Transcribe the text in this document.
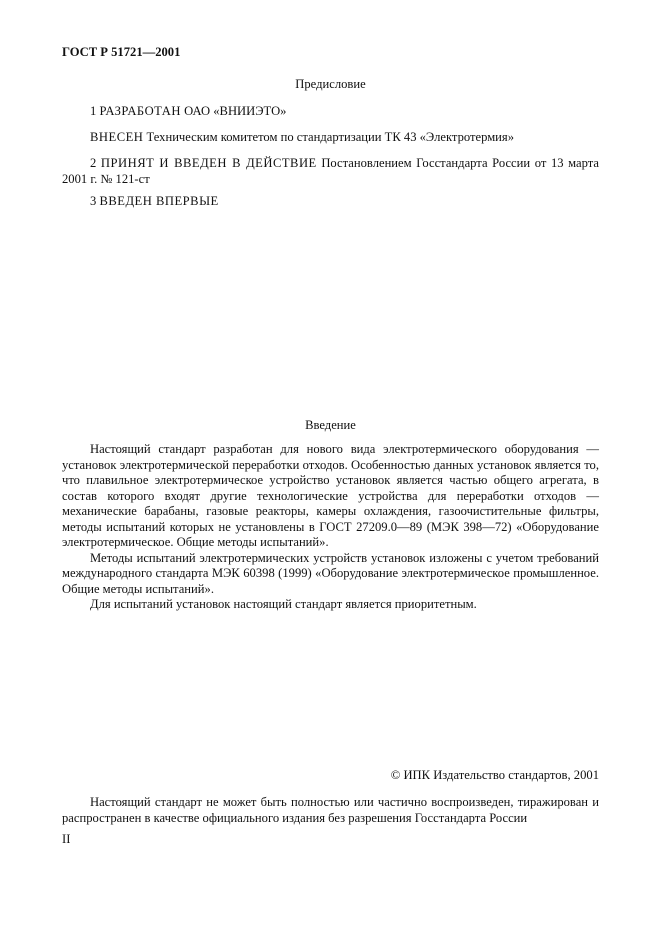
ГОСТ Р 51721—2001
Предисловие
1 РАЗРАБОТАН ОАО «ВНИИЭТО»
ВНЕСЕН Техническим комитетом по стандартизации ТК 43 «Электротермия»
2 ПРИНЯТ И ВВЕДЕН В ДЕЙСТВИЕ Постановлением Госстандарта России от 13 марта 2001 г. № 121-ст
3 ВВЕДЕН ВПЕРВЫЕ
Введение

Настоящий стандарт разработан для нового вида электротермического оборудования — установок электротермической переработки отходов. Особенностью данных установок является то, что плавильное электротермическое устройство установок является частью общего агрегата, в состав которого входят другие технологические устройства для переработки отходов — механические барабаны, газовые реакторы, камеры охлаждения, газоочистительные фильтры, методы испытаний которых не установлены в ГОСТ 27209.0—89 (МЭК 398—72) «Оборудование электротермическое. Общие методы испытаний».

Методы испытаний электротермических устройств установок изложены с учетом требований международного стандарта МЭК 60398 (1999) «Оборудование электротермическое промышленное. Общие методы испытаний».

Для испытаний установок настоящий стандарт является приоритетным.

© ИПК Издательство стандартов, 2001
Настоящий стандарт не может быть полностью или частично воспроизведен, тиражирован и распространен в качестве официального издания без разрешения Госстандарта России
II
